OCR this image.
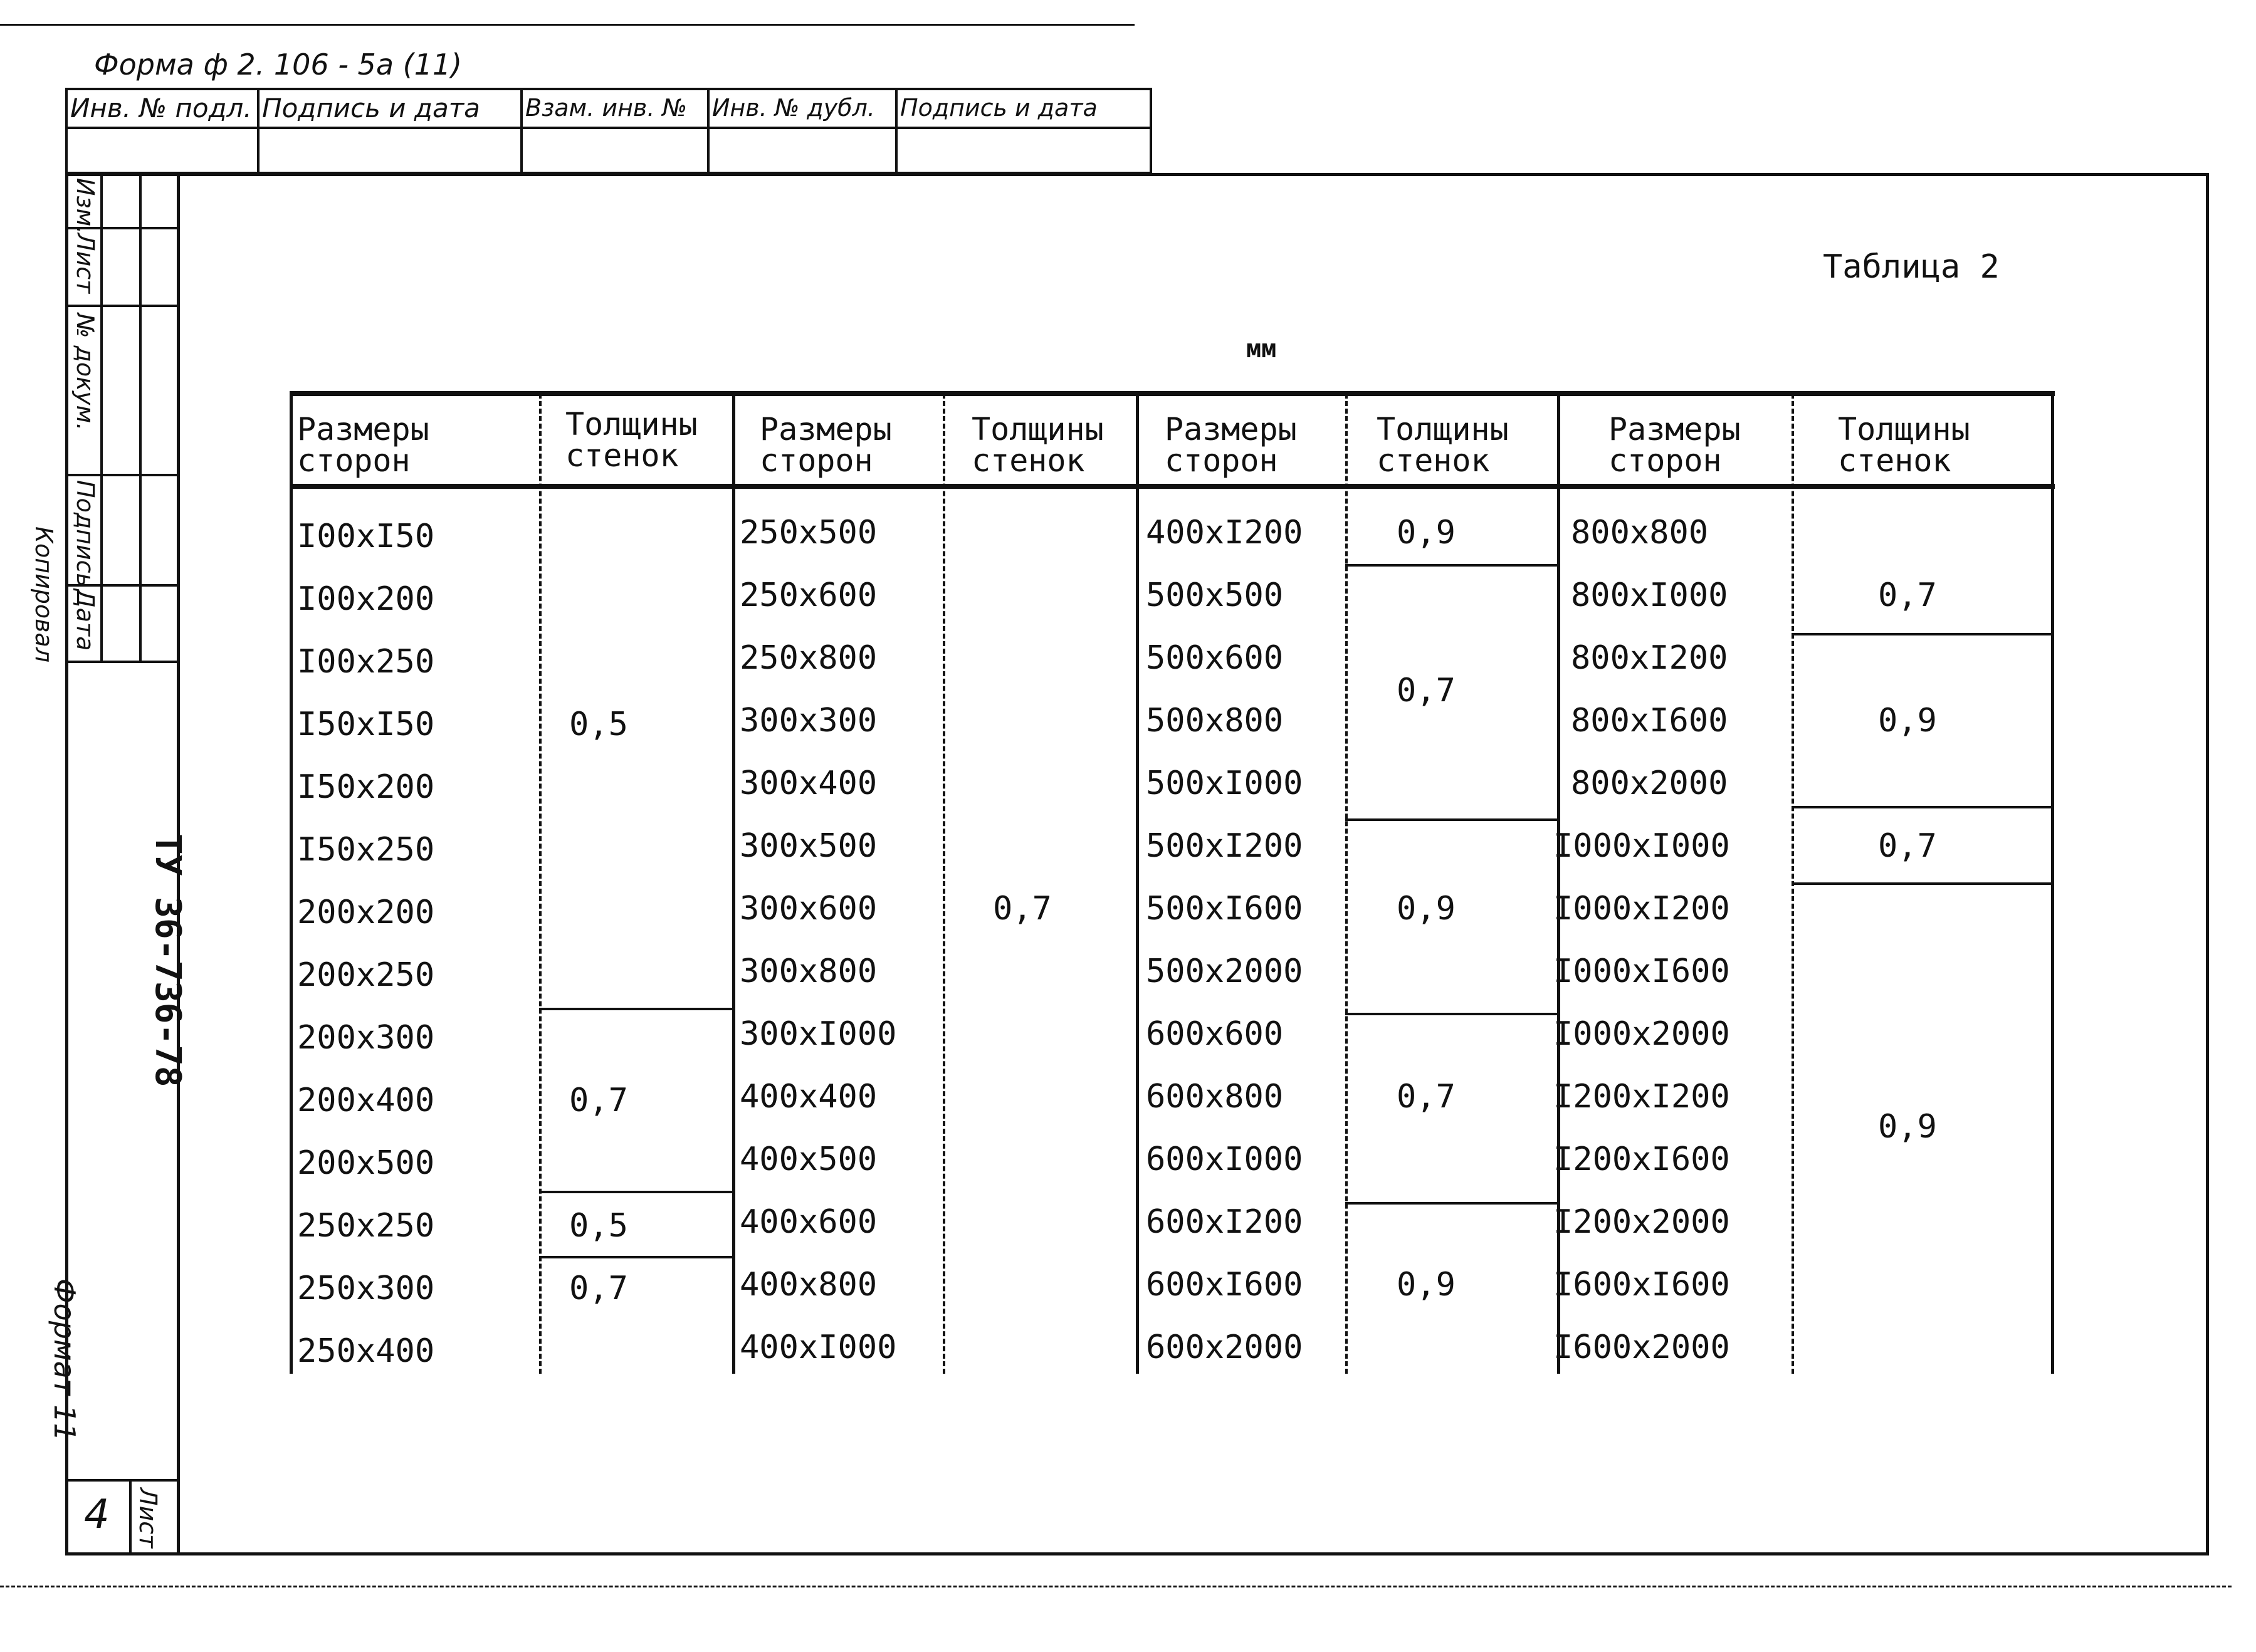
Форма ф 2. 106 - 5а (11)
Инв. № подл. Подпись и дата Взам. инв. № Инв. № дубл. Подпись и дата
Изм.
Лист
№ докум.
Подпись
Дата
Копировал
ТУ 36-736-78
Формат 11
4 Лист
Таблица 2
мм
Размеры
сторон
Толщины
стенок
Размеры
сторон
Толщины
стенок
Размеры
сторон
Толщины
стенок
Размеры
сторон
Толщины
стенок
I00xI50
I00x200
I00x250
I50xI50
I50x200
I50x250
200x200
200x250
200x300
200x400
200x500
250x250
250x300
250x400
250x500
250x600
250x800
300x300
300x400
300x500
300x600
300x800
300xI000
400x400
400x500
400x600
400x800
400xI000
400xI200
500x500
500x600
500x800
500xI000
500xI200
500xI600
500x2000
600x600
600x800
600xI000
600xI200
600xI600
600x2000
800x800
800xI000
800xI200
800xI600
800x2000
I000xI000
I000xI200
I000xI600
I000x2000
I200xI200
I200xI600
I200x2000
I600xI600
I600x2000
0,5
0,7
0,5
0,7
0,7
0,9
0,7
0,9
0,7
0,9
0,7
0,9
0,7
0,9
